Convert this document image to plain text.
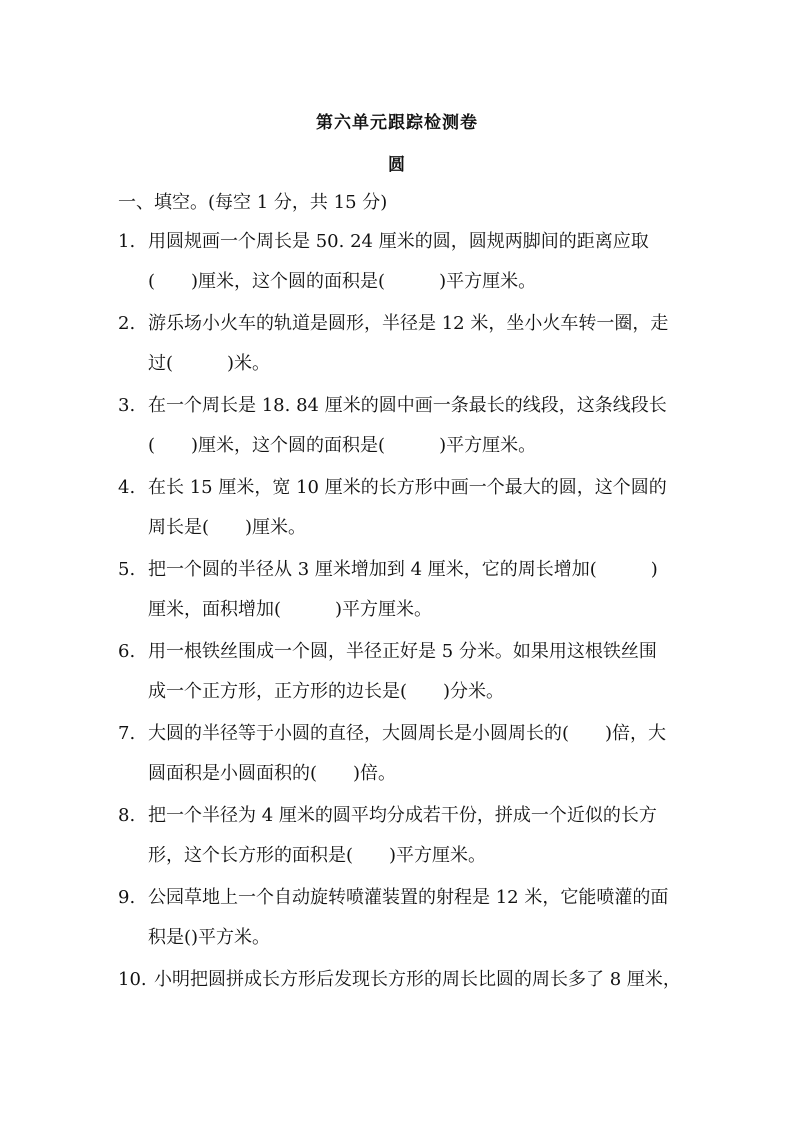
第六单元跟踪检测卷
圆
一、填空。(每空 1 分，共 15 分)
1. 用圆规画一个周长是 50. 24 厘米的圆，圆规两脚间的距离应取
(　　)厘米，这个圆的面积是(　　　)平方厘米。
2. 游乐场小火车的轨道是圆形，半径是 12 米，坐小火车转一圈，走
过(　　　)米。
3. 在一个周长是 18. 84 厘米的圆中画一条最长的线段，这条线段长
(　　)厘米，这个圆的面积是(　　　)平方厘米。
4. 在长 15 厘米，宽 10 厘米的长方形中画一个最大的圆，这个圆的
周长是(　　)厘米。
5. 把一个圆的半径从 3 厘米增加到 4 厘米，它的周长增加(　　　)
厘米，面积增加(　　　)平方厘米。
6. 用一根铁丝围成一个圆，半径正好是 5 分米。如果用这根铁丝围
成一个正方形，正方形的边长是(　　)分米。
7. 大圆的半径等于小圆的直径，大圆周长是小圆周长的(　　)倍，大
圆面积是小圆面积的(　　)倍。
8. 把一个半径为 4 厘米的圆平均分成若干份，拼成一个近似的长方
形，这个长方形的面积是(　　)平方厘米。
9. 公园草地上一个自动旋转喷灌装置的射程是 12 米，它能喷灌的面
积是()平方米。
10. 小明把圆拼成长方形后发现长方形的周长比圆的周长多了 8 厘米，
